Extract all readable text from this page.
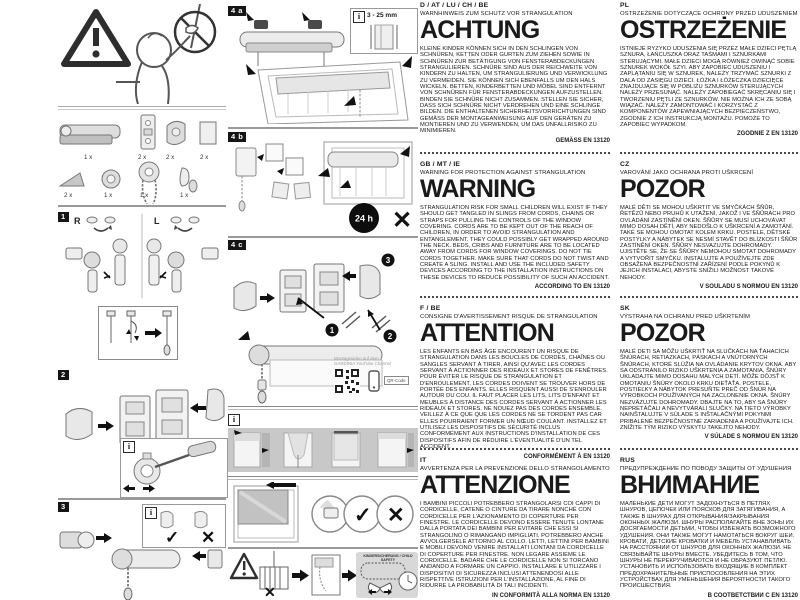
1 x	2 x	2 x	2 x
2 x	1 x	1 x	1 x
1 R	L
2
i
3
i
✓ ✕
4 a
i	3 - 25 mm
4 b
24 h ✕
4 c
3
1
2
Montagevideo auf dem
GARDINIA YouTube Channel
QR-Code
i
✓ ✕
✕
KINDERSICHERUNG / CHILD SAFETY
D / AT / LU / CH / BE
WARNHINWEIS ZUM SCHUTZ VOR STRANGULATION
ACHTUNG

KLEINE KINDER KÖNNEN SICH IN DEN SCHLINGEN VON SCHNÜREN, KETTEN ODER GURTEN ZUM ZIEHEN SOWIE IN SCHNÜREN ZUR BETÄTIGUNG VON FENSTERABDECKUNGEN STRANGULIEREN. SCHNÜRE SIND AUS DER REICHWEITE VON KINDERN ZU HALTEN, UM STRANGULIERUNG UND VERWICKLUNG ZU VERMEIDEN. SIE KÖNNEN SICH EBENFALLS UM DEN HALS WICKELN. BETTEN, KINDERBETTEN UND MÖBEL SIND ENTFERNT VON SCHNÜREN FÜR FENSTERABDECKUNGEN AUFZUSTELLEN. BINDEN SIE SCHNÜRE NICHT ZUSAMMEN. STELLEN SIE SICHER, DASS SICH SCHNÜRE NICHT VERDREHEN UND EINE SCHLINGE BILDEN. DIE ENTHALTENEN SICHERHEITSVORRICHTUNGEN SIND GEMÄSS DER MONTAGEANWEISUNG AUF DEN GERÄTEN ZU MONTIEREN UND ZU VERWENDEN, UM DAS UNFALLRISIKO ZU MINIMIEREN.

GEMÄSS EN 13120
GB / MT / IE
WARNING FOR PROTECTION AGAINST STRANGULATION
WARNING

STRANGULATION RISK FOR SMALL CHILDREN WILL EXIST IF THEY SHOULD GET TANGLED IN SLINGS FROM CORDS, CHAINS OR STRAPS FOR PULLING THE CONTROLS OF THE WINDOW COVERING. CORDS ARE TO BE KEPT OUT OF THE REACH OF CHILDREN, IN ORDER TO AVOID STRANGULATION AND ENTANGLEMENT. THEY COULD POSSIBLY GET WRAPPED AROUND THE NECK. BEDS, CRIBS AND FURNITURE ARE TO BE LOCATED AWAY FROM CORDS FOR WINDOW COVERINGS. DO NOT TIE CORDS TOGETHER. MAKE SURE THAT CORDS DO NOT TWIST AND CREATE A SLING. INSTALL AND USE THE INCLUDED SAFETY DEVICES ACCORDING TO THE INSTALLATION INSTRUCTIONS ON THESE DEVICES TO REDUCE POSSIBILITY OF SUCH AN ACCIDENT.

ACCORDING TO EN 13120
F / BE
CONSIGNE D'AVERTISSEMENT RISQUE DE STRANGULATION
ATTENTION

LES ENFANTS EN BAS ÂGE ENCOURENT UN RISQUE DE STRANGULATION DANS LES BOUCLES DE CORDES, CHAÎNES OU SANGLES SERVANT À TIRER, AINSI QU'AVEC LES CORDES SERVANT À ACTIONNER DES RIDEAUX ET STORES DE FENÊTRES. POUR ÉVITER LE RISQUE DE STRANGULATION ET D'ENROULEMENT, LES CORDES DOIVENT SE TROUVER HORS DE PORTÉE DES ENFANTS. ELLES RISQUENT AUSSI DE S'ENROULER AUTOUR DU COU. IL FAUT PLACER LES LITS, LITS D'ENFANT ET MEUBLES À DISTANCE DES CORDES SERVANT À ACTIONNER LES RIDEAUX ET STORES. NE NOUEZ PAS DES CORDES ENSEMBLE. VEILLEZ À CE QUE QUE LES CORDES NE SE TORDENT PAS CAR ELLES POURRAIENT FORMER UN NŒUD COULANT. INSTALLEZ ET UTILISEZ LES DISPOSITIFS DE SÉCURITÉ INCLUS CONFORMÉMENT AUX INSTRUCTIONS D'INSTALLATION DE CES DISPOSITIFS AFIN DE RÉDUIRE L'ÉVENTUALITÉ D'UN TEL ACCIDENT.

CONFORMÉMENT À EN 13120
IT
AVVERTENZA PER LA PREVENZIONE DELLO STRANGOLAMENTO
ATTENZIONE

I BAMBINI PICCOLI POTREBBERO STRANGOLARSI COI CAPPI DI CORDICELLE, CATENE O CINTURE DA TIRARE NONCHÉ CON CORDICELLE PER L'AZIONAMENTO DI COPERTURE PER FINESTRE. LE CORDICELLE DEVONO ESSERE TENUTE LONTANE DALLA PORTATA DEI BAMBINI PER EVITARE CHE ESSI SI STRANGOLINO O RIMANGANO IMPIGLIATI. POTREBBERO ANCHE AVVOLGERSELE ATTORNO AL COLLO. LETTI, LETTINI PER BAMBINI E MOBILI DEVONO VENIRE INSTALLATI LONTANI DA CORDICELLE DI COPERTURE PER FINESTRE. NON LEGARE ASSIEME LE CORDICELLE. BADARE CHE LE CORDICELLE NON SI TORCANO ANDANDO A FORMARE UN CAPPIO. INSTALLARE E UTILIZZARE I DISPOSITIVI DI SICUREZZA INCLUSI ATTENENDOSI ALLE RISPETTIVE ISTRUZIONI PER L'INSTALLAZIONE, AL FINE DI RIDURRE LA PROBABILITÀ DI TALI INCIDENTI.

IN CONFORMITÀ ALLA NORMA EN 13120
PL
OSTRZEŻENIE DOTYCZĄCE OCHRONY PRZED UDUSZENIEM
OSTRZEŻENIE

ISTNIEJE RYZYKO UDUSZENIA SIĘ PRZEZ MAŁE DZIECI PĘTLĄ SZNURA, ŁAŃCUSZKA ORAZ TAŚMAMI I SZNURKAMI STERUJĄCYMI. MAŁE DZIECI MOGĄ RÓWNIEŻ OWINĄĆ SOBIE SZNUREK WOKÓŁ SZYI. ABY ZAPOBIEC UDUSZENIU I ZAPLĄTANIU SIĘ W SZNUREK, NALEŻY TRZYMAĆ SZNURKI Z DALA OD ZASIĘGU DZIECI. ŁÓŻKA I ŁÓŻECZKA DZIECIĘCE ZNAJDUJĄCE SIĘ W POBLIŻU SZNURKÓW STERUJĄCYCH NALEŻY PRZESUNĄĆ. NALEŻY ZAPOBIEGAĆ SKRĘCANIU SIĘ I TWORZENIU PĘTLI ZE SZNURKÓW. NIE MOŻNA ICH ZE SOBĄ WIĄZAĆ. NALEŻY ZAMONTOWAĆ I KORZYSTAĆ Z KOMPONENTÓW ZAPEWNIAJĄCYCH BEZPIECZEŃSTWO, ZGODNIE Z ICH INSTRUKCJĄ MONTAŻU. POMOŻE TO ZAPOBIEC WYPADKOM.

ZGODNIE Z EN 13120
CZ
VAROVÁNÍ JAKO OCHRANA PROTI UŠKRCENÍ
POZOR

MALÉ DĚTI SE MOHOU UŠKRTIT VE SMYČKÁCH ŠŇŮR, ŘETĚZŮ NEBO PRUHŮ K UTAŽENÍ, JAKOŽ I VE ŠŇŮRÁCH PRO OVLÁDÁNÍ ZASTÍNĚNÍ OKEN. ŠŇŮRY SE MUSÍ UCHOVÁVAT MIMO DOSAH DĚTÍ, ABY NEDOŠLO K UŠKRCENÍ A ZAMOTÁNÍ. TAKÉ SE MOHOU OMOTAT KOLEM KRKU. POSTELE, DĚTSKÉ POSTÝLKY A NÁBYTEK SE NESMÍ STAVĚT DO BLÍZKOSTI ŠŇŮR ZASTÍNĚNÍ OKEN. ŠŇŮRY NESVAZUJTE DOHROMADY. UJISTĚTE SE, ŽE SE ŠŇŮRY NEMOHOU SMOTAT DOHROMADY A VYTVOŘIT SMYČKU. INSTALUJTE A POUŽÍVEJTE ZDE OBSAŽENÁ BEZPEČNOSTNÍ ZAŘÍZENÍ PODLE POKYNŮ K JEJICH INSTALACI, ABYSTE SNÍŽILI MOŽNOST TAKOVÉ NEHODY.

V SOULADU S NORMOU EN 13120
SK
VÝSTRAHA NA OCHRANU PRED UŠKRTENÍM
POZOR

MALÉ DETI SA MÔŽU UŠKRTIŤ NA SLUČKÁCH NA ŤAHACÍCH ŠNÚRACH, RETIAZKACH, PÁSKACH A VNÚTORNÝCH ŠNÚRACH, KTORÉ SLÚŽIA NA OVLÁDANIE KRYTOV OKNA. ABY SA ODSTRÁNILO RIZIKO UŠKRTENIA A ZAMOTANIA, ŠNÚRY UKLADAJTE MIMO DOSAHU MALÝCH DETÍ. MÔŽE DÔJSŤ K OMOTANIU ŠNÚRY OKOLO KRKU DIEŤAŤA. POSTELE, POSTIEĽKY A NÁBYTOK PRESUŇTE PREČ OD ŠNÚR NA VÝROBKOCH POUŽÍVANÝCH NA ZACLONENIE OKNA. ŠNÚRY NEZVÄZUJTE DOHROMADY. DBAJTE NA TO, ABY SA ŠNÚRY NEPRETÁČALI A NEVYTVÁRALI SLUČKY. NA TIETO VÝROBKY NAINŠTALUJTE V SÚLADE S INŠTALAČNÝMI POKYNMI PRIBALENÉ BEZPEČNOSTNÉ ZARIADENIA A POUŽÍVAJTE ICH. ZNÍŽITE TÝM RIZIKO VÝSKYTU TAKEJTO NEHODY.

V SÚLADE S NORMOU EN 13120
RUS
ПРЕДУПРЕЖДЕНИЕ ПО ПОВОДУ ЗАЩИТЫ ОТ УДУШЕНИЯ
ВНИМАНИЕ

МАЛЕНЬКИЕ ДЕТИ МОГУТ ЗАДОХНУТЬСЯ В ПЕТЛЯХ ШНУРОВ, ЦЕПОЧЕК ИЛИ ПОЯСКОВ ДЛЯ ЗАТЯГИВАНИЯ, А ТАКЖЕ В ШНУРАХ ДЛЯ ОТКРЫВАНИЯ/ЗАКРЫВАНИЯ ОКОННЫХ ЖАЛЮЗИ. ШНУРЫ РАСПОЛАГАЙТЕ ВНЕ ЗОНЫ ИХ ДОСЯГАЕМОСТИ ДЕТЬМИ, ЧТОБЫ ИЗБЕЖАТЬ ВОЗМОЖНОГО УДУШЕНИЯ. ОНИ ТАКЖЕ МОГУТ НАМОТАТЬСЯ ВОКРУГ ШЕИ. КРОВАТИ, ДЕТСКИЕ КРОВАТКИ И МЕБЕЛЬ УСТАНАВЛИВАТЬ НА РАССТОЯНИИ ОТ ШНУРОВ ДЛЯ ОКОННЫХ ЖАЛЮЗИ. НЕ СВЯЗЫВАЙТЕ ШНУРЫ ВМЕСТЕ. УБЕДИТЕСЬ В ТОМ, ЧТО ШНУРЫ НЕ ПЕРЕКРУЧИВАЮТСЯ И НЕ ОБРАЗУЮТ ПЕТЛЮ. УСТАНОВИТЬ И ИСПОЛЬЗОВАТЬ ВХОДЯЩИЕ В КОМПЛЕКТ ПРЕДОХРАНИТЕЛЬНЫЕ ПРИСПОСОБЛЕНИЯ НА ЭТИХ УСТРОЙСТВАХ ДЛЯ УМЕНЬШЕНИЯ ВЕРОЯТНОСТИ ТАКОГО ПРОИСШЕСТВИЯ.

В СООТВЕТСТВИИ С EN 13120
